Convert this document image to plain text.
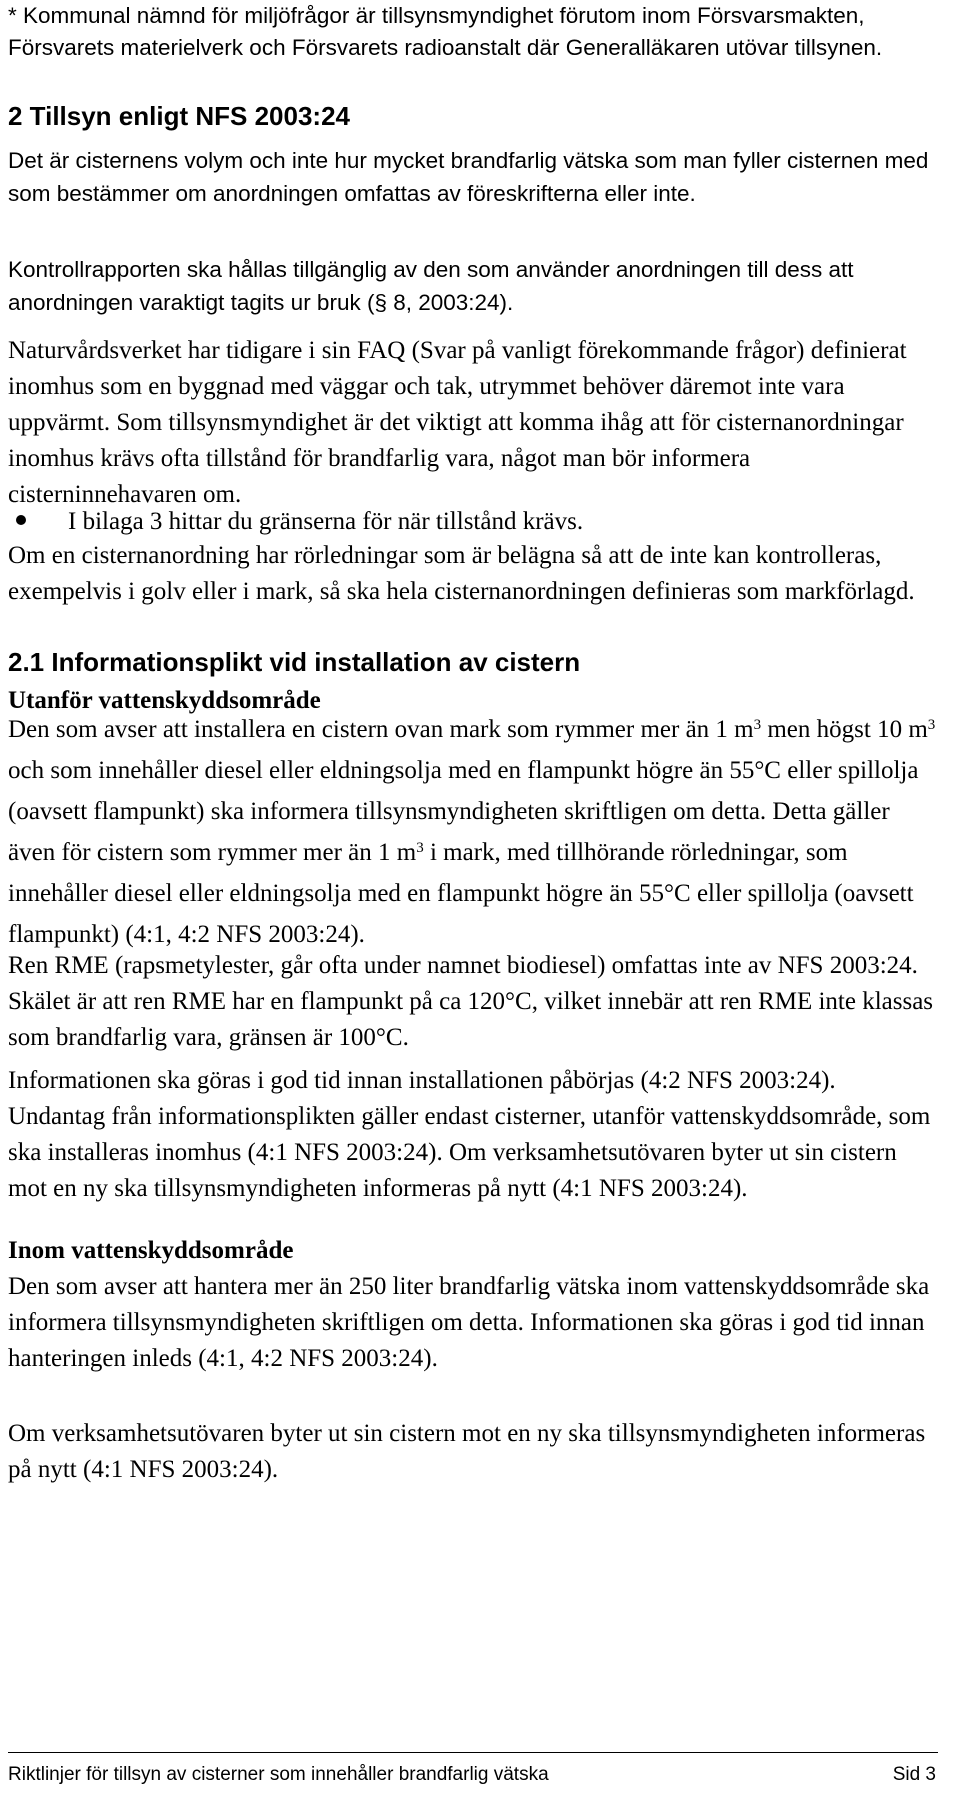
* Kommunal nämnd för miljöfrågor är tillsynsmyndighet förutom inom Försvarsmakten, Försvarets materielverk och Försvarets radioanstalt där Generalläkaren utövar tillsynen.

2 Tillsyn enligt NFS 2003:24

Det är cisternens volym och inte hur mycket brandfarlig vätska som man fyller cisternen med som bestämmer om anordningen omfattas av föreskrifterna eller inte.

Kontrollrapporten ska hållas tillgänglig av den som använder anordningen till dess att anordningen varaktigt tagits ur bruk (§ 8, 2003:24).

Naturvårdsverket har tidigare i sin FAQ (Svar på vanligt förekommande frågor) definierat inomhus som en byggnad med väggar och tak, utrymmet behöver däremot inte vara uppvärmt. Som tillsynsmyndighet är det viktigt att komma ihåg att för cisternanordningar inomhus krävs ofta tillstånd för brandfarlig vara, något man bör informera cisterninnehavaren om.

I bilaga 3 hittar du gränserna för när tillstånd krävs.

Om en cisternanordning har rörledningar som är belägna så att de inte kan kontrolleras, exempelvis i golv eller i mark, så ska hela cisternanordningen definieras som markförlagd.

2.1 Informationsplikt vid installation av cistern
Utanför vattenskyddsområde

Den som avser att installera en cistern ovan mark som rymmer mer än 1 $m^3$ men högst 10 $m^3$ och som innehåller diesel eller eldningsolja med en flampunkt högre än 55°C eller spillolja (oavsett flampunkt) ska informera tillsynsmyndigheten skriftligen om detta. Detta gäller även för cistern som rymmer mer än 1 $m^3$ i mark, med tillhörande rörledningar, som innehåller diesel eller eldningsolja med en flampunkt högre än 55°C eller spillolja (oavsett flampunkt) (4:1, 4:2 NFS 2003:24).

Ren RME (rapsmetylester, går ofta under namnet biodiesel) omfattas inte av NFS 2003:24. Skälet är att ren RME har en flampunkt på ca 120°C, vilket innebär att ren RME inte klassas som brandfarlig vara, gränsen är 100°C.

Informationen ska göras i god tid innan installationen påbörjas (4:2 NFS 2003:24). Undantag från informationsplikten gäller endast cisterner, utanför vattenskyddsområde, som ska installeras inomhus (4:1 NFS 2003:24). Om verksamhetsutövaren byter ut sin cistern mot en ny ska tillsynsmyndigheten informeras på nytt (4:1 NFS 2003:24).

Inom vattenskyddsområde

Den som avser att hantera mer än 250 liter brandfarlig vätska inom vattenskyddsområde ska informera tillsynsmyndigheten skriftligen om detta. Informationen ska göras i god tid innan hanteringen inleds (4:1, 4:2 NFS 2003:24).

Om verksamhetsutövaren byter ut sin cistern mot en ny ska tillsynsmyndigheten informeras på nytt (4:1 NFS 2003:24).

Riktlinjer för tillsyn av cisterner som innehåller brandfarlig vätska	Sid 3
